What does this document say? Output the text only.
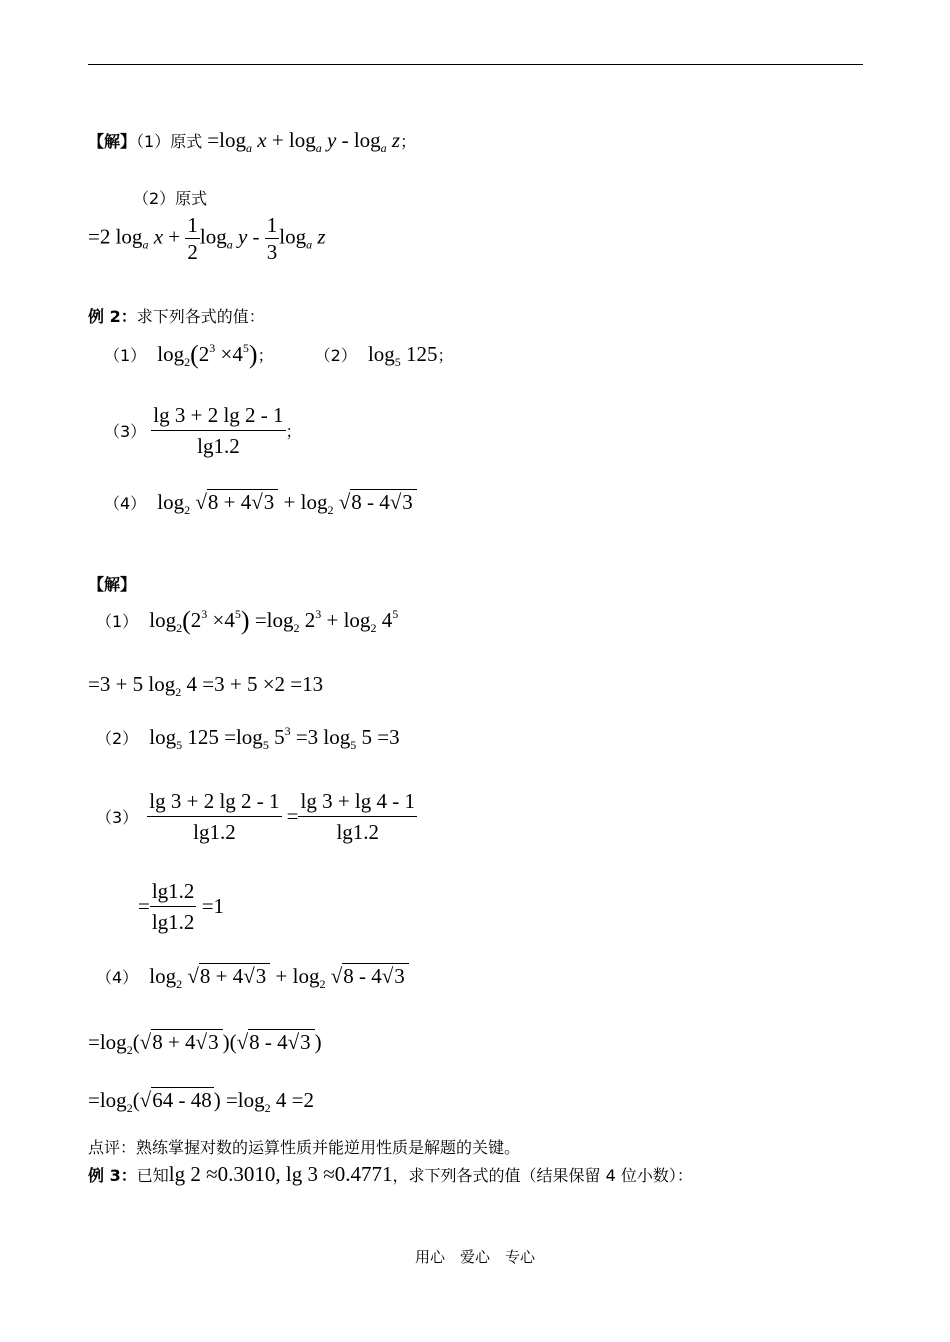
【解】（1）原式 $=\log_a$ $x + \log_a y - \log_a z$；
（2）原式
=2 $\log_a x + \frac{1}{2} \log_a y - \frac{1}{3} \log_a z$
例 2：求下列各式的值：
（1） $\log_2(2^3 \times 4^5)$；	（2） $\log_5 125$；
$(3) \frac{\lg 3 + 2 \lg 2 - 1}{\lg 1.2}$ ；
（4） $\log_2 √8 + 4√3 + \log_2 √8 - 4√3$
【解】
（1） $\log_2(2^3 \times 4^5) =\log_2$ $2^3 + \log_2 4^5$
=3 + 5 $\log_2 4 =3 + 5 \times 2 =13$
（2） $\log_5 125 =\log_5$ $5^3 =3$ $\log_5 5 =3$
$(3) \frac{\lg 3 + 2 \lg 2 - 1}{\lg 1.2} = \frac{\lg 3 + \lg 4 - 1}{\lg 1.2}$
= $\frac{\lg 1.2}{\lg 1.2} =1$
（4） $\log_2 √8 + 4√3 + \log_2 √8 - 4√3$
$=\log_2(√8 + 4√3$ )(√8 - 4√3 )
$=\log_2(√64 - 48) =\log_2$ 4 =2
点评：熟练掌握对数的运算性质并能逆用性质是解题的关键。
例 3：已知lg 2 ≈0.3010, lg 3 ≈0.4771，求下列各式的值（结果保留 4 位小数）：
用心　爱心　专心
